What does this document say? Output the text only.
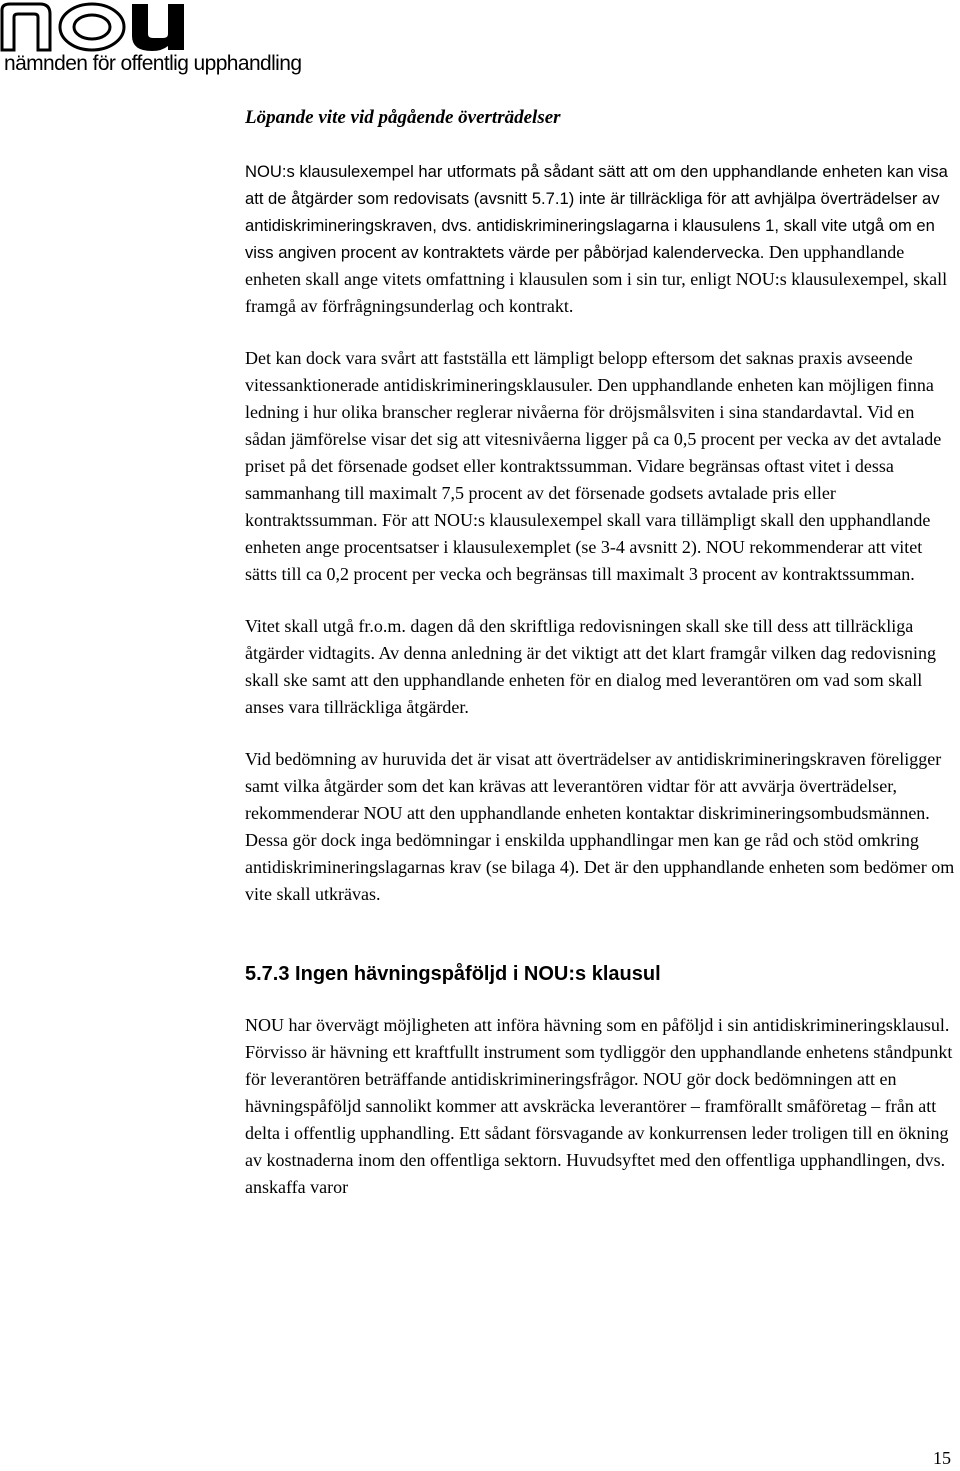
nämnden för offentlig upphandling
Löpande vite vid pågående överträdelser

NOU:s klausulexempel har utformats på sådant sätt att om den upphandlande enheten kan visa att de åtgärder som redovisats (avsnitt 5.7.1) inte är tillräckliga för att avhjälpa överträdelser av antidiskrimineringskraven, dvs. antidiskrimineringslagarna i klausulens 1, skall vite utgå om en viss angiven procent av kontraktets värde per påbörjad kalendervecka. Den upphandlande enheten skall ange vitets omfattning i klausulen som i sin tur, enligt NOU:s klausulexempel, skall framgå av förfrågningsunderlag och kontrakt.

Det kan dock vara svårt att fastställa ett lämpligt belopp eftersom det saknas praxis avseende vitessanktionerade antidiskrimineringsklausuler. Den upphandlande enheten kan möjligen finna ledning i hur olika branscher reglerar nivåerna för dröjsmålsviten i sina standardavtal. Vid en sådan jämförelse visar det sig att vitesnivåerna ligger på ca 0,5 procent per vecka av det avtalade priset på det försenade godset eller kontraktssumman. Vidare begränsas oftast vitet i dessa sammanhang till maximalt 7,5 procent av det försenade godsets avtalade pris eller kontraktssumman. För att NOU:s klausulexempel skall vara tillämpligt skall den upphandlande enheten ange procentsatser i klausulexemplet (se 3-4 avsnitt 2). NOU rekommenderar att vitet sätts till ca 0,2 procent per vecka och begränsas till maximalt 3 procent av kontraktssumman.

Vitet skall utgå fr.o.m. dagen då den skriftliga redovisningen skall ske till dess att tillräckliga åtgärder vidtagits. Av denna anledning är det viktigt att det klart framgår vilken dag redovisning skall ske samt att den upphandlande enheten för en dialog med leverantören om vad som skall anses vara tillräckliga åtgärder.

Vid bedömning av huruvida det är visat att överträdelser av antidiskrimineringskraven föreligger samt vilka åtgärder som det kan krävas att leverantören vidtar för att avvärja överträdelser, rekommenderar NOU att den upphandlande enheten kontaktar diskrimineringsombudsmännen. Dessa gör dock inga bedömningar i enskilda upphandlingar men kan ge råd och stöd omkring antidiskrimineringslagarnas krav (se bilaga 4). Det är den upphandlande enheten som bedömer om vite skall utkrävas.

5.7.3 Ingen hävningspåföljd i NOU:s klausul

NOU har övervägt möjligheten att införa hävning som en påföljd i sin antidiskrimineringsklausul. Förvisso är hävning ett kraftfullt instrument som tydliggör den upphandlande enhetens ståndpunkt för leverantören beträffande antidiskrimineringsfrågor. NOU gör dock bedömningen att en hävningspåföljd sannolikt kommer att avskräcka leverantörer – framförallt småföretag – från att delta i offentlig upphandling. Ett sådant försvagande av konkurrensen leder troligen till en ökning av kostnaderna inom den offentliga sektorn. Huvudsyftet med den offentliga upphandlingen, dvs. anskaffa varor

15
